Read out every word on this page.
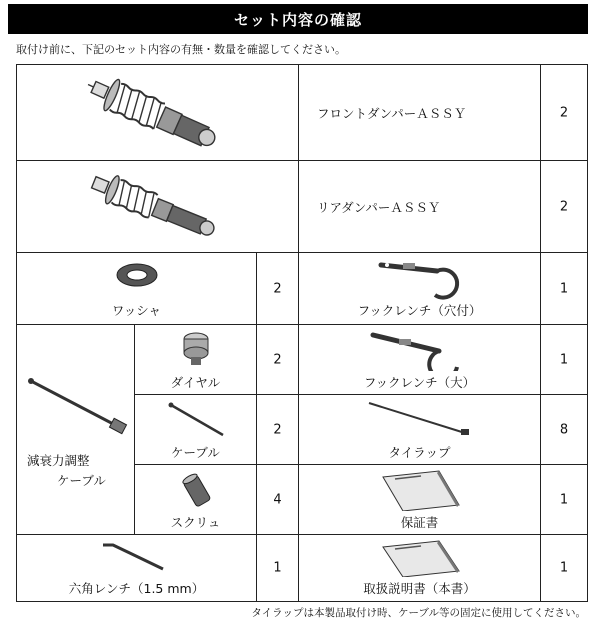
セット内容の確認
取付け前に、下記のセット内容の有無・数量を確認してください。
フロントダンパーＡＳＳＹ	2
リアダンパーＡＳＳＹ	2
ワッシャ
2
フックレンチ（穴付）
1
減衰力調整
ケーブル
ダイヤル
2
フックレンチ（大）
1
ケーブル
2
タイラップ
8
スクリュ
4
保証書
1
六角レンチ（1.5 mm）
1
取扱説明書（本書）
1
タイラップは本製品取付け時、ケーブル等の固定に使用してください。
